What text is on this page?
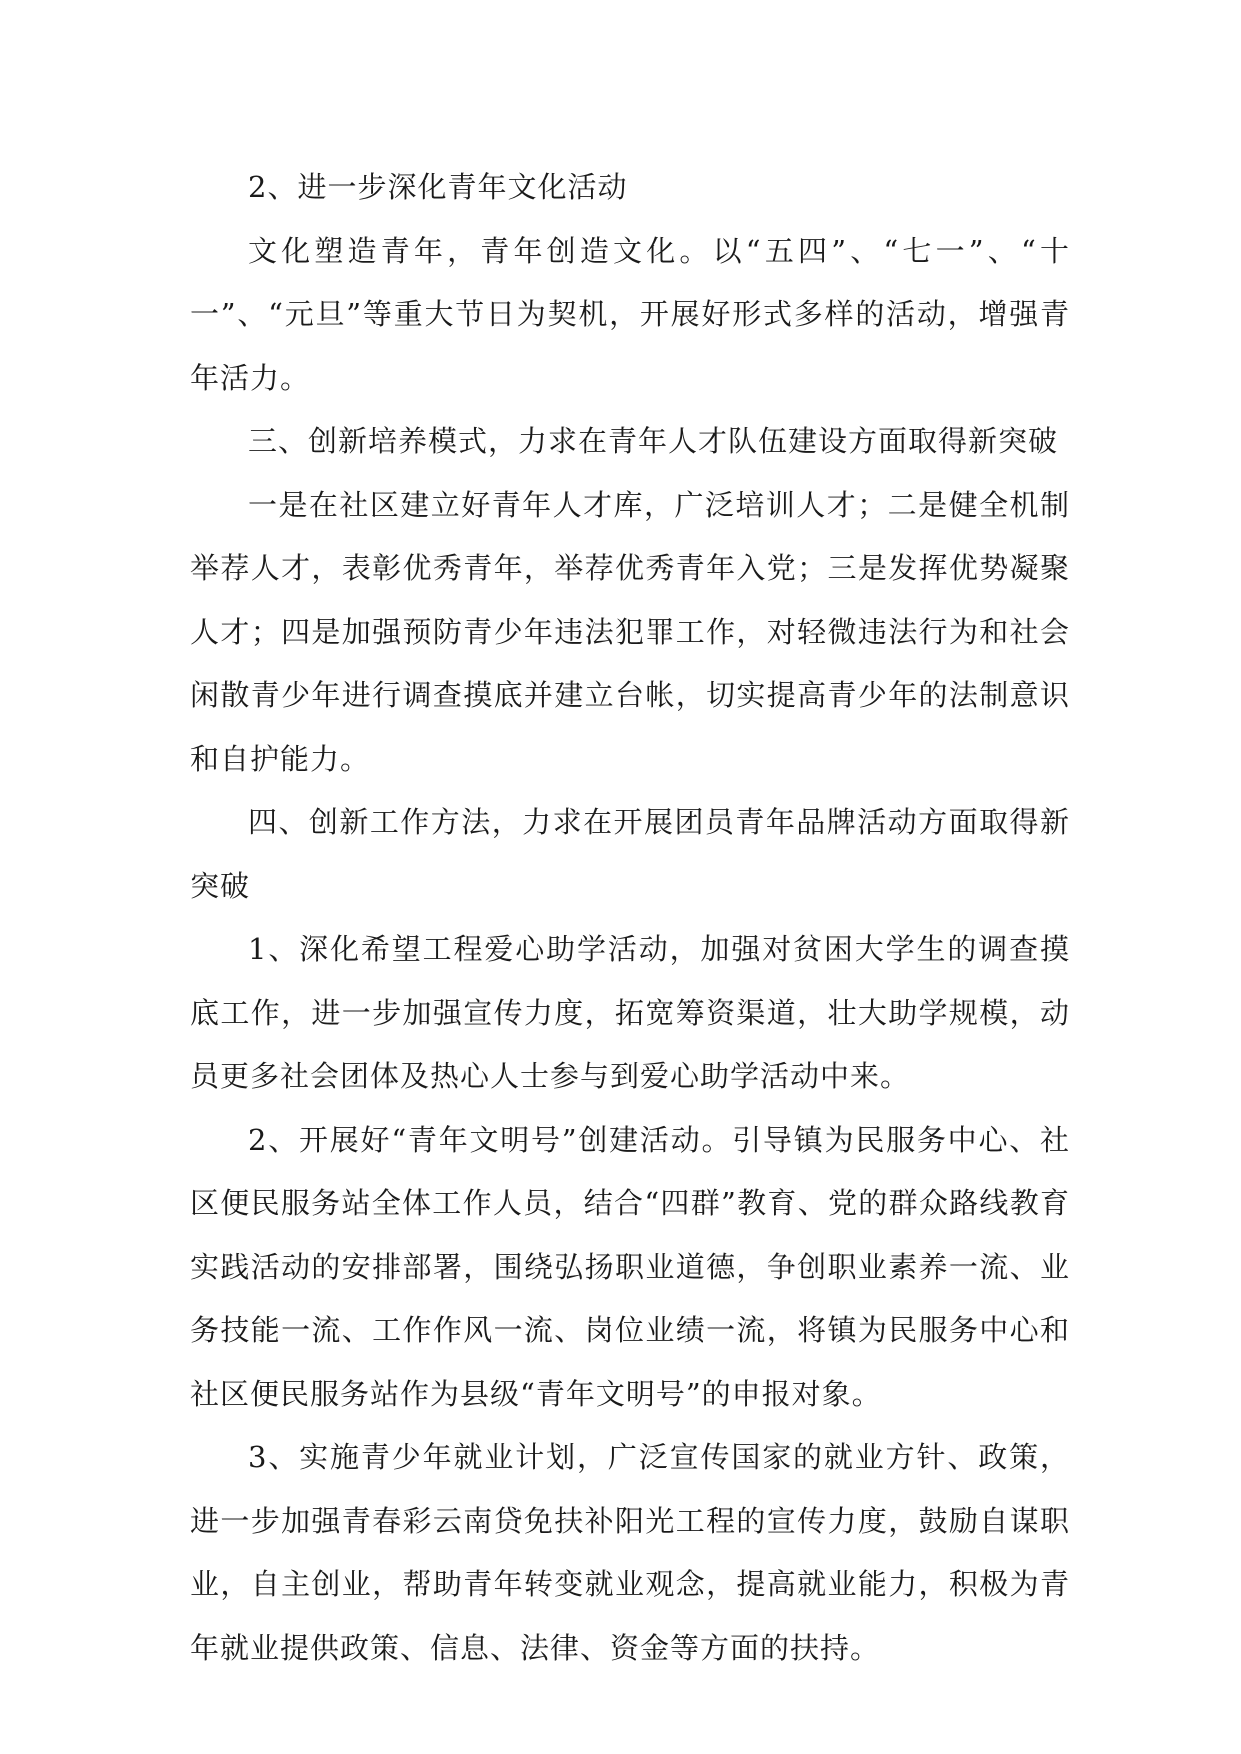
2、进一步深化青年文化活动

文化塑造青年，青年创造文化。以“五四”、“七一”、“十一”、“元旦”等重大节日为契机，开展好形式多样的活动，增强青年活力。

三、创新培养模式，力求在青年人才队伍建设方面取得新突破

一是在社区建立好青年人才库，广泛培训人才；二是健全机制举荐人才，表彰优秀青年，举荐优秀青年入党；三是发挥优势凝聚人才；四是加强预防青少年违法犯罪工作，对轻微违法行为和社会闲散青少年进行调查摸底并建立台帐，切实提高青少年的法制意识和自护能力。

四、创新工作方法，力求在开展团员青年品牌活动方面取得新突破

1、深化希望工程爱心助学活动，加强对贫困大学生的调查摸底工作，进一步加强宣传力度，拓宽筹资渠道，壮大助学规模，动员更多社会团体及热心人士参与到爱心助学活动中来。

2、开展好“青年文明号”创建活动。引导镇为民服务中心、社区便民服务站全体工作人员，结合“四群”教育、党的群众路线教育实践活动的安排部署，围绕弘扬职业道德，争创职业素养一流、业务技能一流、工作作风一流、岗位业绩一流，将镇为民服务中心和社区便民服务站作为县级“青年文明号”的申报对象。

3、实施青少年就业计划，广泛宣传国家的就业方针、政策，进一步加强青春彩云南贷免扶补阳光工程的宣传力度，鼓励自谋职业，自主创业，帮助青年转变就业观念，提高就业能力，积极为青年就业提供政策、信息、法律、资金等方面的扶持。
